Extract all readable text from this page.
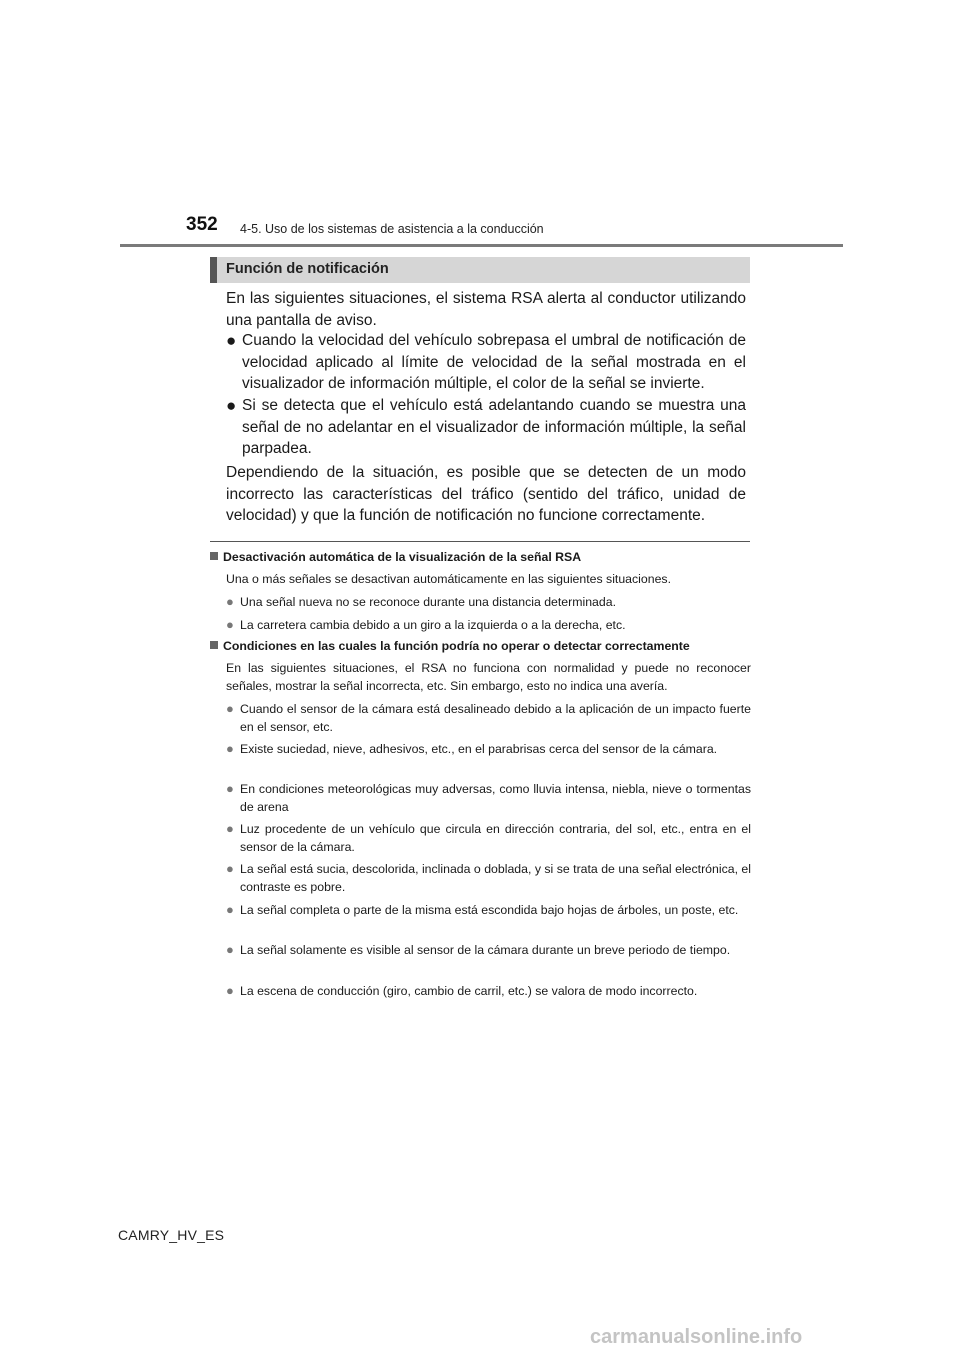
352 4-5. Uso de los sistemas de asistencia a la conducción
Función de notificación
En las siguientes situaciones, el sistema RSA alerta al conductor utilizando una pantalla de aviso.
● Cuando la velocidad del vehículo sobrepasa el umbral de notificación de velocidad aplicado al límite de velocidad de la señal mostrada en el visualizador de información múltiple, el color de la señal se invierte.
● Si se detecta que el vehículo está adelantando cuando se muestra una señal de no adelantar en el visualizador de información múltiple, la señal parpadea.
Dependiendo de la situación, es posible que se detecten de un modo incorrecto las características del tráfico (sentido del tráfico, unidad de velocidad) y que la función de notificación no funcione correctamente.
Desactivación automática de la visualización de la señal RSA
Una o más señales se desactivan automáticamente en las siguientes situaciones.
● Una señal nueva no se reconoce durante una distancia determinada.
● La carretera cambia debido a un giro a la izquierda o a la derecha, etc.
Condiciones en las cuales la función podría no operar o detectar correctamente
En las siguientes situaciones, el RSA no funciona con normalidad y puede no reconocer señales, mostrar la señal incorrecta, etc. Sin embargo, esto no indica una avería.
● Cuando el sensor de la cámara está desalineado debido a la aplicación de un impacto fuerte en el sensor, etc.
● Existe suciedad, nieve, adhesivos, etc., en el parabrisas cerca del sensor de la cámara.
● En condiciones meteorológicas muy adversas, como lluvia intensa, niebla, nieve o tormentas de arena
● Luz procedente de un vehículo que circula en dirección contraria, del sol, etc., entra en el sensor de la cámara.
● La señal está sucia, descolorida, inclinada o doblada, y si se trata de una señal electrónica, el contraste es pobre.
● La señal completa o parte de la misma está escondida bajo hojas de árboles, un poste, etc.
● La señal solamente es visible al sensor de la cámara durante un breve periodo de tiempo.
● La escena de conducción (giro, cambio de carril, etc.) se valora de modo incorrecto.
CAMRY_HV_ES
carmanualsonline.info
